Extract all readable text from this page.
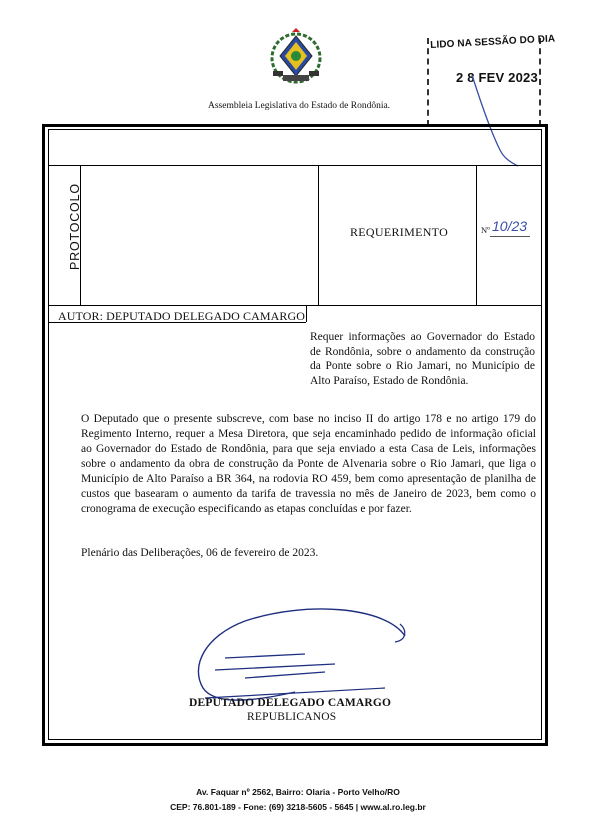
Assembleia Legislativa do Estado de Rondônia.
LIDO NA SESSÃO DO DIA
2 8 FEV 2023
PROTOCOLO	REQUERIMENTO	Nº 10/23
AUTOR: DEPUTADO DELEGADO CAMARGO
Requer informações ao Governador do Estado de Rondônia, sobre o andamento da construção da Ponte sobre o Rio Jamari, no Município de Alto Paraíso, Estado de Rondônia.
O Deputado que o presente subscreve, com base no inciso II do artigo 178 e no artigo 179 do Regimento Interno, requer a Mesa Diretora, que seja encaminhado pedido de informação oficial ao Governador do Estado de Rondônia, para que seja enviado a esta Casa de Leis, informações sobre o andamento da obra de construção da Ponte de Alvenaria sobre o Rio Jamari, que liga o Município de Alto Paraíso a BR 364, na rodovia RO 459, bem como apresentação de planilha de custos que basearam o aumento da tarifa de travessia no mês de Janeiro de 2023, bem como o cronograma de execução especificando as etapas concluídas e por fazer.
Plenário das Deliberações, 06 de fevereiro de 2023.
DEPUTADO DELEGADO CAMARGO
REPUBLICANOS
Av. Faquar nº 2562, Bairro: Olaria - Porto Velho/RO
CEP: 76.801-189 - Fone: (69) 3218-5605 - 5645 | www.al.ro.leg.br
